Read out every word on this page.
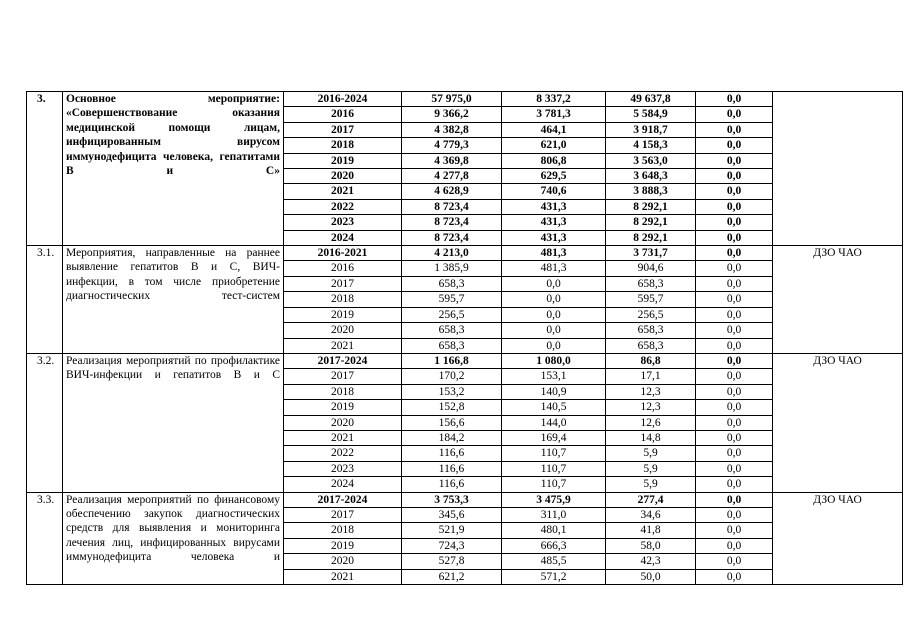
3.	Основное мероприятие: «Совершенствование оказания медицинской помощи лицам, инфицированным вирусом иммунодефицита человека, гепатитами В и С»	2016-2024	57 975,0	8 337,2	49 637,8	0,0	
		2016	9 366,2	3 781,3	5 584,9	0,0	
		2017	4 382,8	464,1	3 918,7	0,0	
		2018	4 779,3	621,0	4 158,3	0,0	
		2019	4 369,8	806,8	3 563,0	0,0	
		2020	4 277,8	629,5	3 648,3	0,0	
		2021	4 628,9	740,6	3 888,3	0,0	
		2022	8 723,4	431,3	8 292,1	0,0	
		2023	8 723,4	431,3	8 292,1	0,0	
		2024	8 723,4	431,3	8 292,1	0,0	
3.1.	Мероприятия, направленные на раннее выявление гепатитов В и С, ВИЧ-инфекции, в том числе приобретение диагностических тест-систем	2016-2021	4 213,0	481,3	3 731,7	0,0	ДЗО ЧАО
		2016	1 385,9	481,3	904,6	0,0	
		2017	658,3	0,0	658,3	0,0	
		2018	595,7	0,0	595,7	0,0	
		2019	256,5	0,0	256,5	0,0	
		2020	658,3	0,0	658,3	0,0	
		2021	658,3	0,0	658,3	0,0	
3.2.	Реализация мероприятий по профилактике ВИЧ-инфекции и гепатитов В и С	2017-2024	1 166,8	1 080,0	86,8	0,0	ДЗО ЧАО
		2017	170,2	153,1	17,1	0,0	
		2018	153,2	140,9	12,3	0,0	
		2019	152,8	140,5	12,3	0,0	
		2020	156,6	144,0	12,6	0,0	
		2021	184,2	169,4	14,8	0,0	
		2022	116,6	110,7	5,9	0,0	
		2023	116,6	110,7	5,9	0,0	
		2024	116,6	110,7	5,9	0,0	
3.3.	Реализация мероприятий по финансовому обеспечению закупок диагностических средств для выявления и мониторинга лечения лиц, инфицированных вирусами иммунодефицита человека и	2017-2024	3 753,3	3 475,9	277,4	0,0	ДЗО ЧАО
		2017	345,6	311,0	34,6	0,0	
		2018	521,9	480,1	41,8	0,0	
		2019	724,3	666,3	58,0	0,0	
		2020	527,8	485,5	42,3	0,0	
		2021	621,2	571,2	50,0	0,0	
